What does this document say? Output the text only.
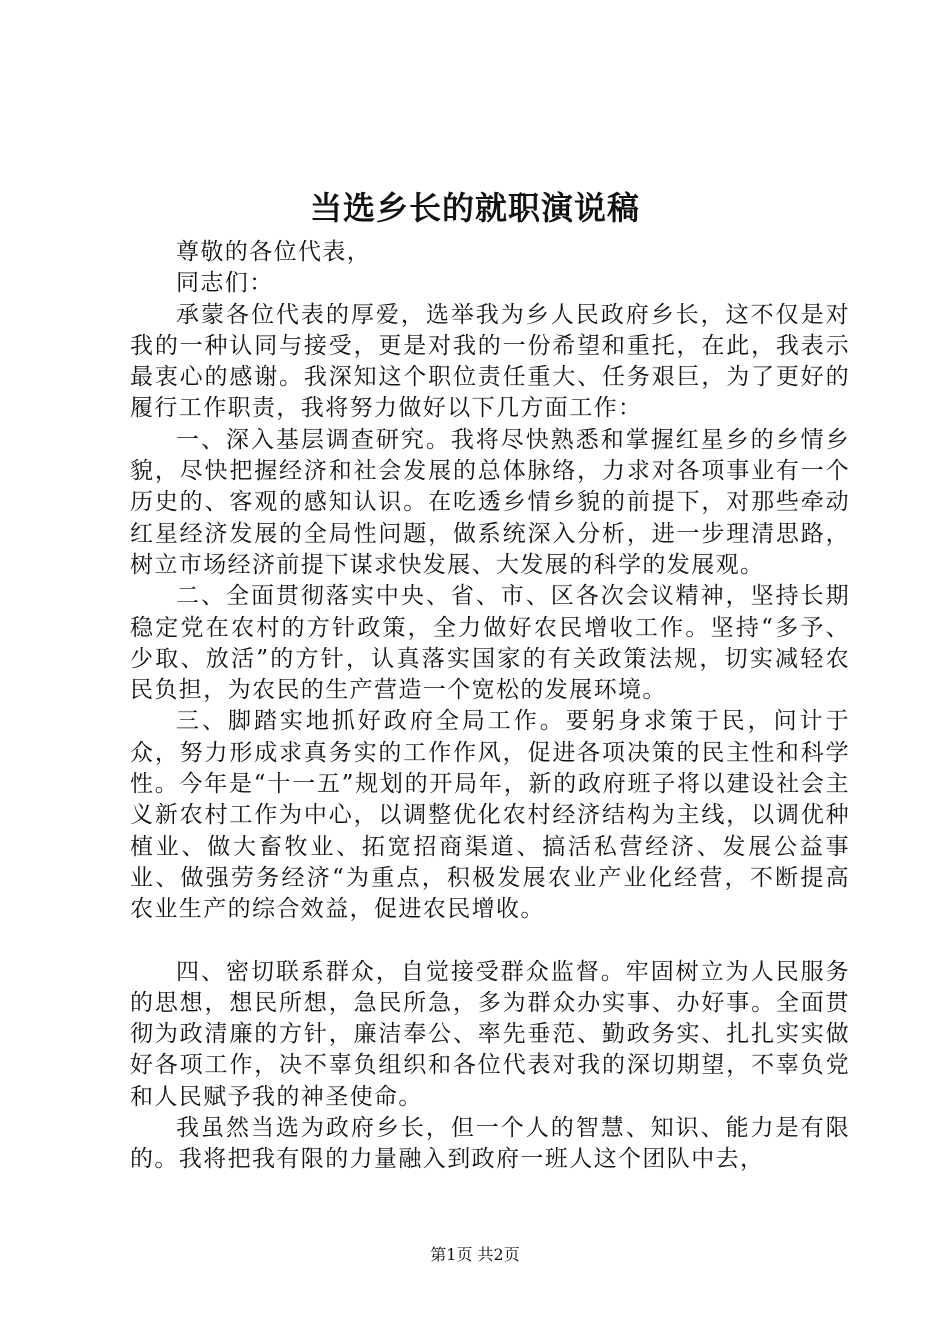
当选乡长的就职演说稿

尊敬的各位代表，

同志们：

承蒙各位代表的厚爱，选举我为乡人民政府乡长，这不仅是对我的一种认同与接受，更是对我的一份希望和重托，在此，我表示最衷心的感谢。我深知这个职位责任重大、任务艰巨，为了更好的履行工作职责，我将努力做好以下几方面工作：

一、深入基层调查研究。我将尽快熟悉和掌握红星乡的乡情乡貌，尽快把握经济和社会发展的总体脉络，力求对各项事业有一个历史的、客观的感知认识。在吃透乡情乡貌的前提下，对那些牵动红星经济发展的全局性问题，做系统深入分析，进一步理清思路，树立市场经济前提下谋求快发展、大发展的科学的发展观。

二、全面贯彻落实中央、省、市、区各次会议精神，坚持长期稳定党在农村的方针政策，全力做好农民增收工作。坚持“多予、少取、放活”的方针，认真落实国家的有关政策法规，切实减轻农民负担，为农民的生产营造一个宽松的发展环境。

三、脚踏实地抓好政府全局工作。要躬身求策于民，问计于众，努力形成求真务实的工作作风，促进各项决策的民主性和科学性。今年是“十一五”规划的开局年，新的政府班子将以建设社会主义新农村工作为中心，以调整优化农村经济结构为主线，以调优种植业、做大畜牧业、拓宽招商渠道、搞活私营经济、发展公益事业、做强劳务经济“为重点，积极发展农业产业化经营，不断提高农业生产的综合效益，促进农民增收。

四、密切联系群众，自觉接受群众监督。牢固树立为人民服务的思想，想民所想，急民所急，多为群众办实事、办好事。全面贯彻为政清廉的方针，廉洁奉公、率先垂范、勤政务实、扎扎实实做好各项工作，决不辜负组织和各位代表对我的深切期望，不辜负党和人民赋予我的神圣使命。

我虽然当选为政府乡长，但一个人的智慧、知识、能力是有限的。我将把我有限的力量融入到政府一班人这个团队中去，

第1页 共2页
